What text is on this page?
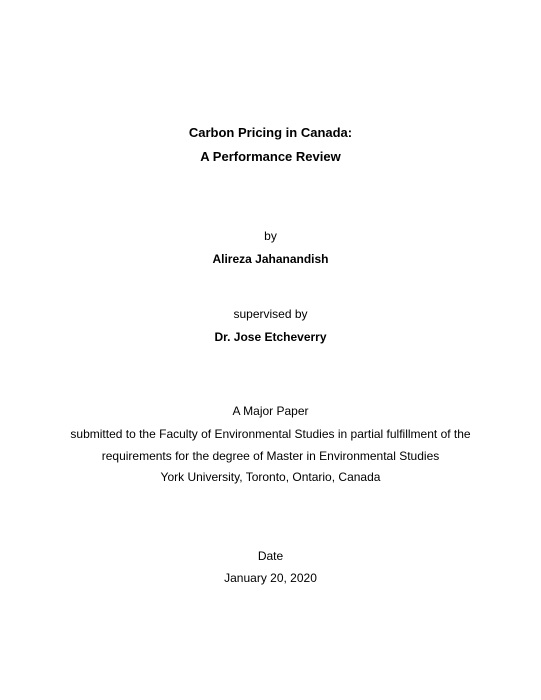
Carbon Pricing in Canada:
A Performance Review
by
Alireza Jahanandish
supervised by
Dr. Jose Etcheverry
A Major Paper
submitted to the Faculty of Environmental Studies in partial fulfillment of the
requirements for the degree of Master in Environmental Studies
York University, Toronto, Ontario, Canada
Date
January 20, 2020
